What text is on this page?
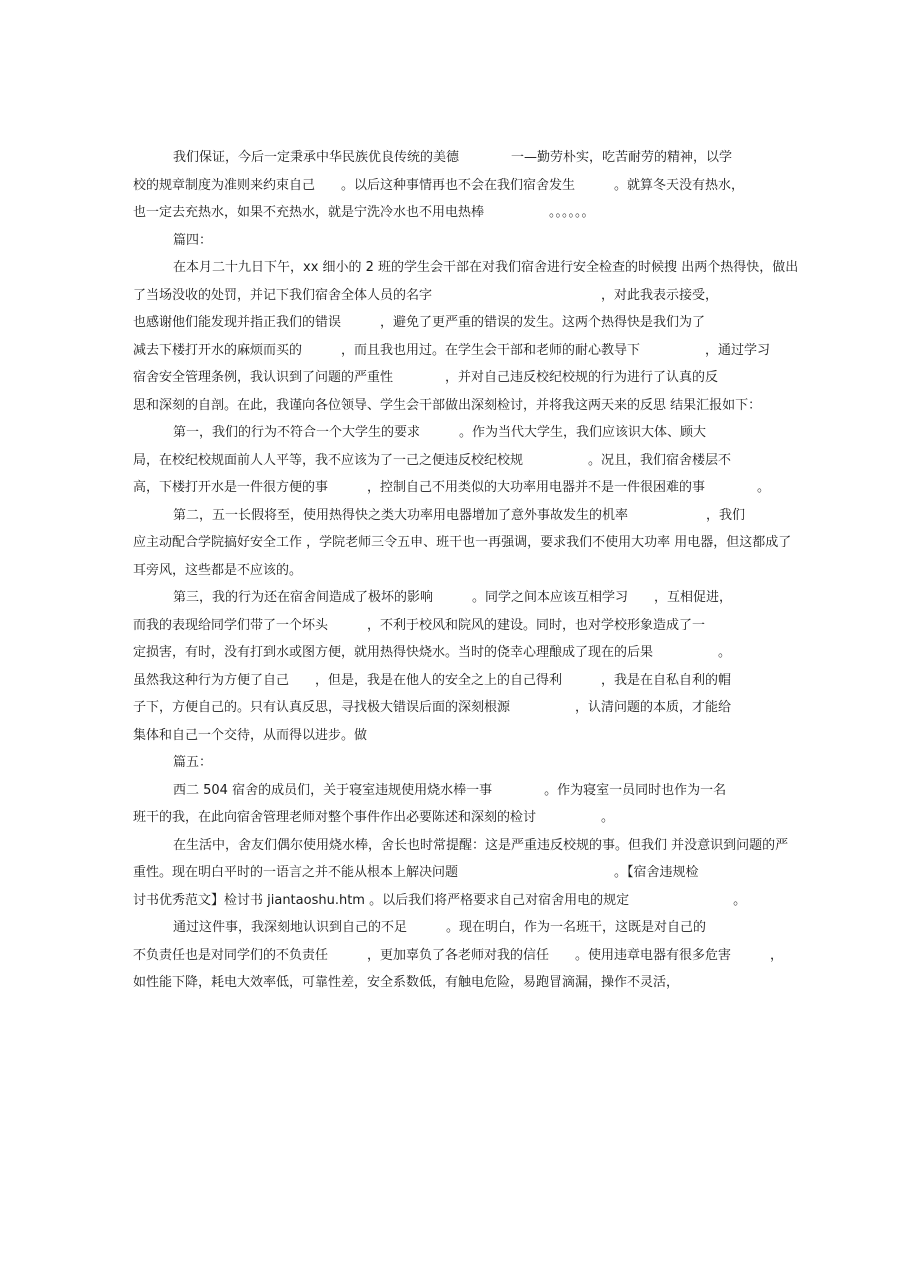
我们保证，今后一定秉承中华民族优良传统的美德　　　　一—勤劳朴实，吃苦耐劳的精神，以学
校的规章制度为准则来约束自己　　。以后这种事情再也不会在我们宿舍发生　　　。就算冬天没有热水，
也一定去充热水，如果不充热水，就是宁洗冷水也不用电热棒　　　　　。。。。。。
篇四：
在本月二十九日下午，xx 细小的 2 班的学生会干部在对我们宿舍进行安全检查的时候搜 出两个热得快，做出
了当场没收的处罚，并记下我们宿舍全体人员的名字　　　　　　　　　　　　　，对此我表示接受，
也感谢他们能发现并指正我们的错误　　　，避免了更严重的错误的发生。这两个热得快是我们为了
减去下楼打开水的麻烦而买的　　　，而且我也用过。在学生会干部和老师的耐心教导下　　　　　，通过学习
宿舍安全管理条例，我认识到了问题的严重性　　　　，并对自己违反校纪校规的行为进行了认真的反
思和深刻的自剖。在此，我谨向各位领导、学生会干部做出深刻检讨，并将我这两天来的反思 结果汇报如下：
第一，我们的行为不符合一个大学生的要求　　　。作为当代大学生，我们应该识大体、顾大
局，在校纪校规面前人人平等，我不应该为了一己之便违反校纪校规　　　　　。况且，我们宿舍楼层不
高，下楼打开水是一件很方便的事　　　，控制自己不用类似的大功率用电器并不是一件很困难的事　　　　。
第二，五一长假将至，使用热得快之类大功率用电器增加了意外事故发生的机率　　　　　　，我们
应主动配合学院搞好安全工作 ，学院老师三令五申、班干也一再强调，要求我们不使用大功率 用电器，但这都成了
耳旁风，这些都是不应该的。
第三，我的行为还在宿舍间造成了极坏的影响　　　。同学之间本应该互相学习　　，互相促进，
而我的表现给同学们带了一个坏头　　　，不利于校风和院风的建设。同时，也对学校形象造成了一
定损害，有时，没有打到水或图方便，就用热得快烧水。当时的侥幸心理酿成了现在的后果　　　　　。
虽然我这种行为方便了自己　　，但是，我是在他人的安全之上的自己得利　　　，我是在自私自利的帽
子下，方便自己的。只有认真反思，寻找极大错误后面的深刻根源　　　　　，认清问题的本质，才能给
集体和自己一个交待，从而得以进步。做
篇五：
西二 504 宿舍的成员们，关于寝室违规使用烧水棒一事　　　　。作为寝室一员同时也作为一名
班干的我，在此向宿舍管理老师对整个事件作出必要陈述和深刻的检讨　　　　　。
在生活中，舍友们偶尔使用烧水棒，舍长也时常提醒：这是严重违反校规的事。但我们 并没意识到问题的严
重性。现在明白平时的一语言之并不能从根本上解决问题　　　　　　　　　　　　。【宿舍违规检
讨书优秀范文】检讨书 jiantaoshu.htm 。以后我们将严格要求自己对宿舍用电的规定　　　　　　　　。
通过这件事，我深刻地认识到自己的不足　　　。现在明白，作为一名班干，这既是对自己的
不负责任也是对同学们的不负责任　　　，更加辜负了各老师对我的信任　　。使用违章电器有很多危害　　　，
如性能下降，耗电大效率低，可靠性差，安全系数低，有触电危险，易跑冒滴漏，操作不灵活，
